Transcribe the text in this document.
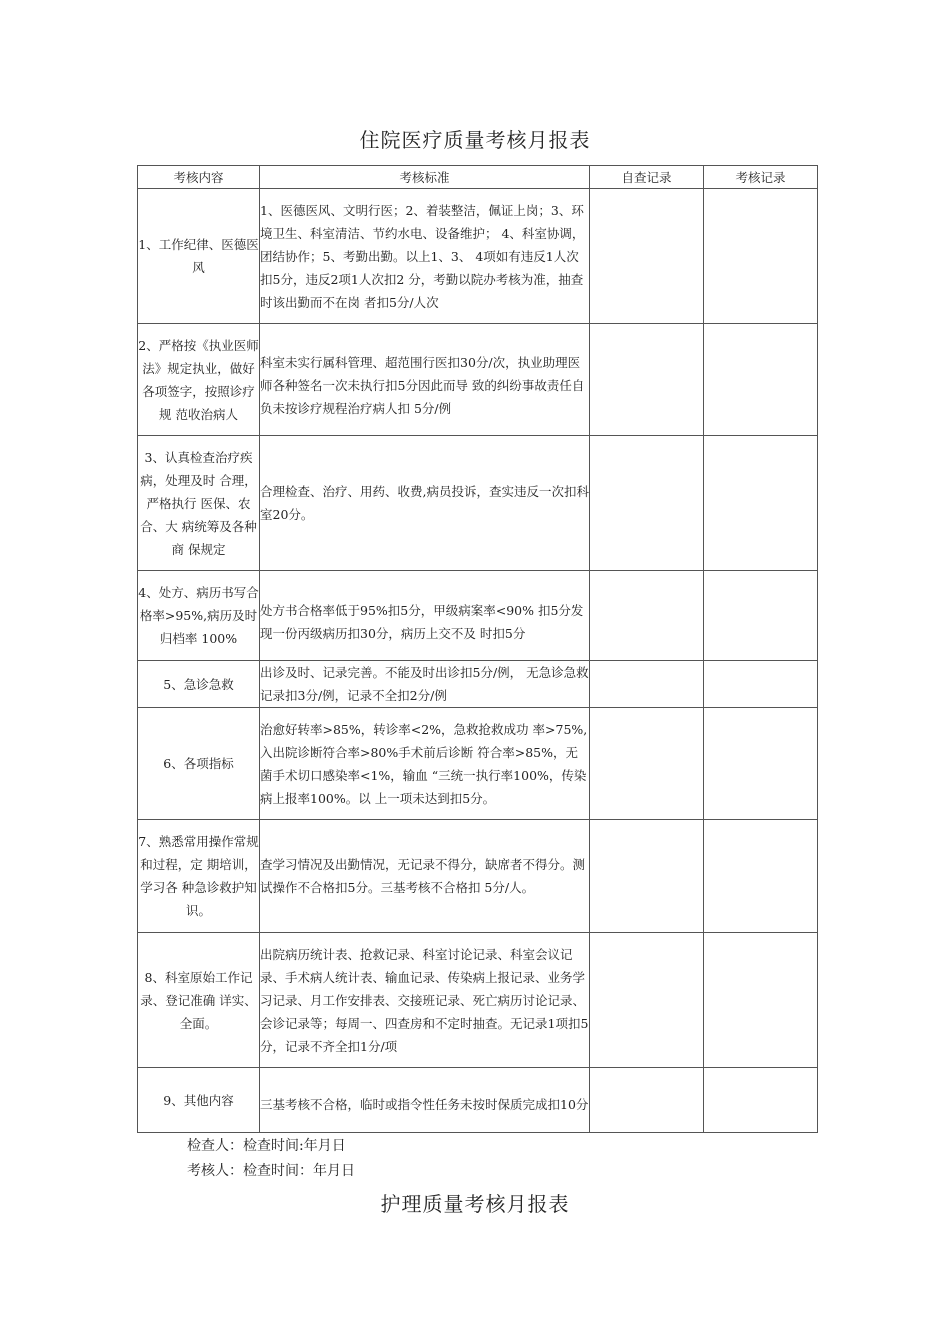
住院医疗质量考核月报表
考核内容	考核标准	自查记录	考核记录
1、工作纪律、医德医风	1、医德医风、文明行医；2、着装整洁，佩证上岗；3、环境卫生、科室清洁、节约水电、设备维护； 4、科室协调，团结协作；5、考勤出勤。以上1、3、 4项如有违反1人次扣5分，违反2项1人次扣2 分，考勤以院办考核为准，抽查时该出勤而不在岗 者扣5分/人次		
2、严格按《执业医师法》规定执业，做好各项签字，按照诊疗规 范收治病人	科室未实行属科管理、超范围行医扣30分/次，执业助理医师各种签名一次未执行扣5分因此而导 致的纠纷事故责任自负未按诊疗规程治疗病人扣 5分/例		
3、认真检查治疗疾病，处理及时 合理，严格执行 医保、农合、大 病统筹及各种商 保规定	合理检查、治疗、用药、收费,病员投诉，查实违反一次扣科室20分。		
4、处方、病历书写合格率>95%,病历及时归档率 100%	处方书合格率低于95%扣5分，甲级病案率<90% 扣5分发现一份丙级病历扣30分，病历上交不及 时扣5分		
5、急诊急救	出诊及时、记录完善。不能及时出诊扣5分/例， 无急诊急救记录扣3分/例，记录不全扣2分/例		
6、各项指标	治愈好转率>85%，转诊率<2%，急救抢救成功 率>75%,入出院诊断符合率>80%手术前后诊断 符合率>85%，无菌手术切口感染率<1%，输血 “三统一执行率100%，传染病上报率100%。以 上一项未达到扣5分。		
7、熟悉常用操作常规和过程，定 期培训，学习各 种急诊救护知 识。	查学习情况及出勤情况，无记录不得分，缺席者不得分。测试操作不合格扣5分。三基考核不合格扣 5分/人。		
8、科室原始工作记录、登记准确 详实、全面。	出院病历统计表、抢救记录、科室讨论记录、科室会议记录、手术病人统计表、输血记录、传染病上报记录、业务学习记录、月工作安排表、交接班记录、死亡病历讨论记录、会诊记录等；每周一、四查房和不定时抽查。无记录1项扣5分，记录不齐全扣1分/项		
9、其他内容	三基考核不合格，临时或指令性任务未按时保质完成扣10分		
检查人：检查时间:年月日
考核人：检查时间：年月日
护理质量考核月报表
